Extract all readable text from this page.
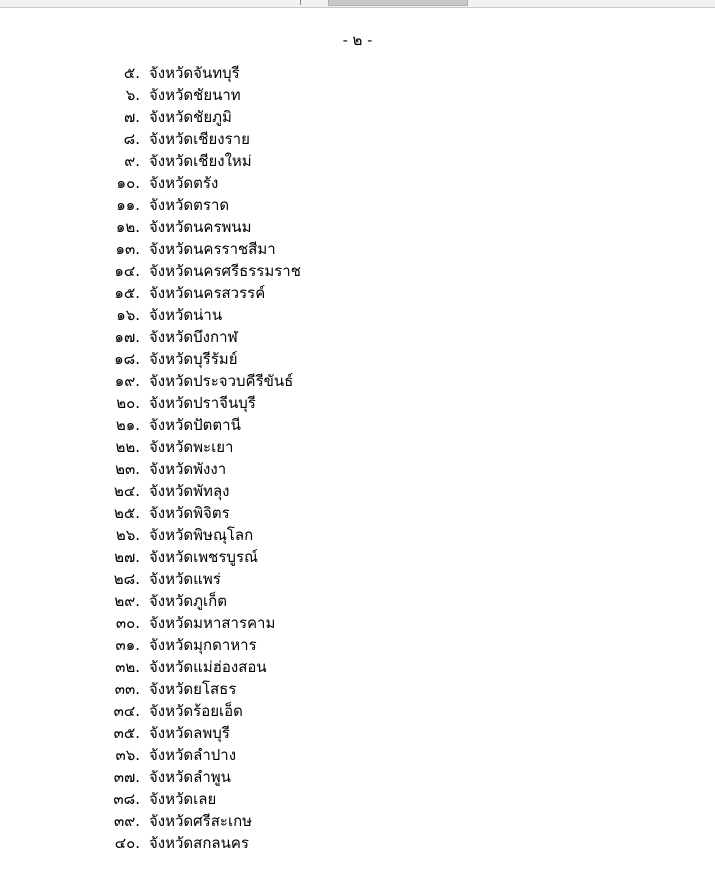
- ๒ -
๕. จังหวัดจันทบุรี
๖. จังหวัดชัยนาท
๗. จังหวัดชัยภูมิ
๘. จังหวัดเชียงราย
๙. จังหวัดเชียงใหม่
๑๐. จังหวัดตรัง
๑๑. จังหวัดตราด
๑๒. จังหวัดนครพนม
๑๓. จังหวัดนครราชสีมา
๑๔. จังหวัดนครศรีธรรมราช
๑๕. จังหวัดนครสวรรค์
๑๖. จังหวัดน่าน
๑๗. จังหวัดบึงกาฬ
๑๘. จังหวัดบุรีรัมย์
๑๙. จังหวัดประจวบคีรีขันธ์
๒๐. จังหวัดปราจีนบุรี
๒๑. จังหวัดปัตตานี
๒๒. จังหวัดพะเยา
๒๓. จังหวัดพังงา
๒๔. จังหวัดพัทลุง
๒๕. จังหวัดพิจิตร
๒๖. จังหวัดพิษณุโลก
๒๗. จังหวัดเพชรบูรณ์
๒๘. จังหวัดแพร่
๒๙. จังหวัดภูเก็ต
๓๐. จังหวัดมหาสารคาม
๓๑. จังหวัดมุกดาหาร
๓๒. จังหวัดแม่ฮ่องสอน
๓๓. จังหวัดยโสธร
๓๔. จังหวัดร้อยเอ็ด
๓๕. จังหวัดลพบุรี
๓๖. จังหวัดลำปาง
๓๗. จังหวัดลำพูน
๓๘. จังหวัดเลย
๓๙. จังหวัดศรีสะเกษ
๔๐. จังหวัดสกลนคร
